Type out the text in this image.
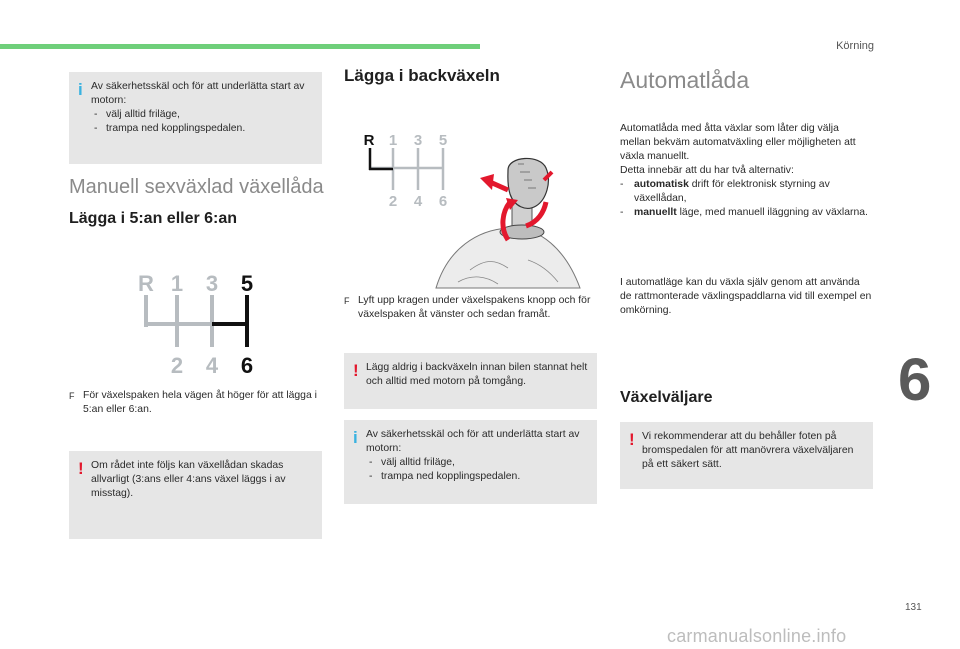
Körning
i Av säkerhetsskäl och för att underlätta start av motorn:

- välj alltid friläge,
- trampa ned kopplingspedalen.
Manuell sexväxlad växellåda
Lägga i 5:an eller 6:an
R 1 3 5
2 4 6
F För växelspaken hela vägen åt höger för att lägga i 5:an eller 6:an.
! Om rådet inte följs kan växellådan skadas allvarligt (3:ans eller 4:ans växel läggs i av misstag).

Lägga i backväxeln
R 1 3 5
2 4 6
F Lyft upp kragen under växelspakens knopp och för växelspaken åt vänster och sedan framåt.
! Lägg aldrig i backväxeln innan bilen stannat helt och alltid med motorn på tomgång.

i Av säkerhetsskäl och för att underlätta start av motorn:

- välj alltid friläge,
- trampa ned kopplingspedalen.
Automatlåda

Automatlåda med åtta växlar som låter dig välja mellan bekväm automatväxling eller möjligheten att växla manuellt.

Detta innebär att du har två alternativ:

- automatisk drift för elektronisk styrning av växellådan,
- manuellt läge, med manuell iläggning av växlarna.

I automatläge kan du växla själv genom att använda de rattmonterade växlingspaddlarna vid till exempel en omkörning.

Växelväljare
! Vi rekommenderar att du behåller foten på bromspedalen för att manövrera växelväljaren på ett säkert sätt.

6
131
carmanualsonline.info
